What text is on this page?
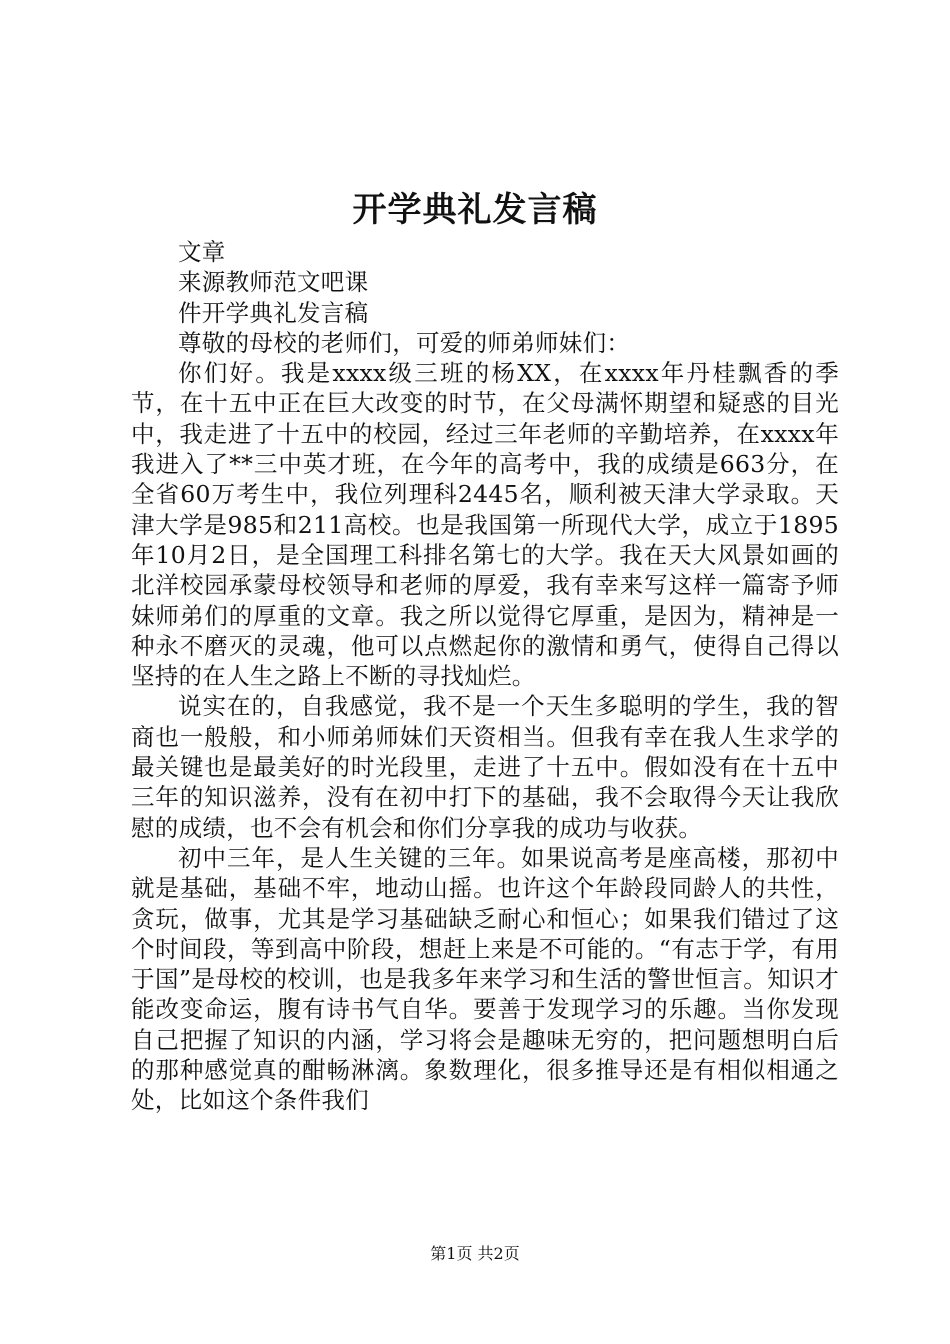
开学典礼发言稿

文章

来源教师范文吧课

件开学典礼发言稿

尊敬的母校的老师们，可爱的师弟师妹们：

你们好。我是xxxx级三班的杨XX，在xxxx年丹桂飘香的季节，在十五中正在巨大改变的时节，在父母满怀期望和疑惑的目光中，我走进了十五中的校园，经过三年老师的辛勤培养，在xxxx年我进入了**三中英才班，在今年的高考中，我的成绩是663分，在全省60万考生中，我位列理科2445名，顺利被天津大学录取。天津大学是985和211高校。也是我国第一所现代大学，成立于1895年10月2日，是全国理工科排名第七的大学。我在天大风景如画的北洋校园承蒙母校领导和老师的厚爱，我有幸来写这样一篇寄予师妹师弟们的厚重的文章。我之所以觉得它厚重，是因为，精神是一种永不磨灭的灵魂，他可以点燃起你的激情和勇气，使得自己得以坚持的在人生之路上不断的寻找灿烂。

说实在的，自我感觉，我不是一个天生多聪明的学生，我的智商也一般般，和小师弟师妹们天资相当。但我有幸在我人生求学的最关键也是最美好的时光段里，走进了十五中。假如没有在十五中三年的知识滋养，没有在初中打下的基础，我不会取得今天让我欣慰的成绩，也不会有机会和你们分享我的成功与收获。

初中三年，是人生关键的三年。如果说高考是座高楼，那初中就是基础，基础不牢，地动山摇。也许这个年龄段同龄人的共性，贪玩，做事，尤其是学习基础缺乏耐心和恒心；如果我们错过了这个时间段，等到高中阶段，想赶上来是不可能的。“有志于学，有用于国”是母校的校训，也是我多年来学习和生活的警世恒言。知识才能改变命运，腹有诗书气自华。要善于发现学习的乐趣。当你发现自己把握了知识的内涵，学习将会是趣味无穷的，把问题想明白后的那种感觉真的酣畅淋漓。象数理化，很多推导还是有相似相通之处，比如这个条件我们

第1页 共2页
